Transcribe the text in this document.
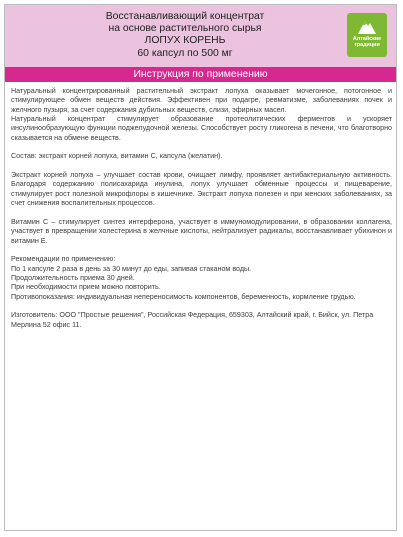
Восстанавливающий концентрат
на основе растительного сырья
ЛОПУХ КОРЕНЬ
60 капсул по 500 мг
Алтайские
традиции
Инструкция по применению

Натуральный концентрированный растительный экстракт лопуха оказывает мочегонное, потогонное и стимулирующее обмен веществ действия. Эффективен при подагре, ревматизме, заболеваниях почек и желчного пузыря, за счет содержания дубильных веществ, слизи, эфирных масел.

Натуральный концентрат стимулирует образование протеолитических ферментов и ускоряет инсулинообразующую функции поджелудочной железы. Способствует росту гликогена в печени, что благотворно сказывается на обмене веществ.

Состав: экстракт корней лопуха, витамин С, капсула (желатин).

Экстракт корней лопуха – улучшает состав крови, очищает лимфу, проявляет антибактериальную активность. Благодаря содержанию полисахарида инулина, лопух улучшает обменные процессы и пищеварение, стимулирует рост полезной микрофлоры в кишечнике. Экстракт лопуха полезен и при женских заболеваниях, за счет снижения воспалительных процессов.

Витамин С – стимулирует синтез интерферона, участвует в иммуномодулировании, в образовании коллагена, участвует в превращении холестерина в желчные кислоты, нейтрализует радикалы, восстанавливает убихинон и витамин Е.

Рекомендации по применению:
По 1 капсуле 2 раза в день за 30 минут до еды, запивая стаканом воды.
Продолжительность приема 30 дней.
При необходимости прием можно повторить.
Противопоказания: индивидуальная непереносимость компонентов, беременность, кормление грудью.

Изготовитель: ООО "Простые решения", Российская Федерация, 659303, Алтайский край, г. Бийск, ул. Петра Мерлина 52 офис 11.
